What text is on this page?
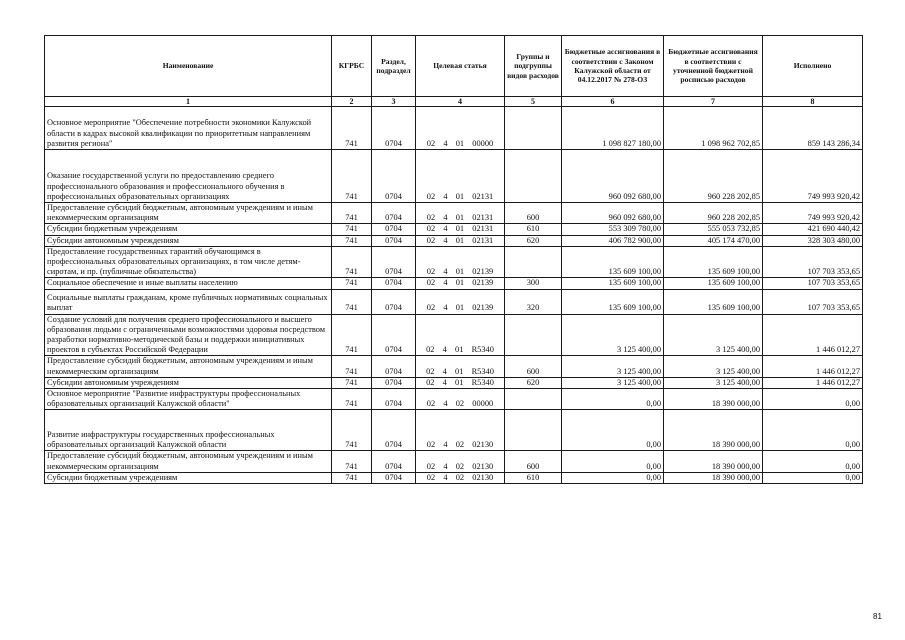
Наименование	КГРБС	Раздел, подраздел	Целевая статья	Группы и подгруппы видов расходов	Бюджетные ассигнования в соответствии с Законом Калужской области от 04.12.2017 № 278-ОЗ	Бюджетные ассигнования в соответствии с уточненной бюджетной росписью расходов	Исполнено
1	2	3	4	5	6	7	8
Основное мероприятие "Обеспечение потребности экономики Калужской области в кадрах высокой квалификации по приоритетным направлениям развития региона"	741	0704	02  4  01  00000		1 098 827 180,00	1 098 962 702,85	859 143 286,34
Оказание государственной услуги по предоставлению среднего профессионального образования и профессионального обучения в профессиональных образовательных организациях	741	0704	02  4  01  02131		960 092 680,00	960 228 202,85	749 993 920,42
Предоставление субсидий бюджетным, автономным учреждениям и иным некоммерческим организациям	741	0704	02  4  01  02131	600	960 092 680,00	960 228 202,85	749 993 920,42
Субсидии бюджетным учреждениям	741	0704	02  4  01  02131	610	553 309 780,00	555 053 732,85	421 690 440,42
Субсидии автономным учреждениям	741	0704	02  4  01  02131	620	406 782 900,00	405 174 470,00	328 303 480,00
Предоставление государственных гарантий обучающимся в профессиональных образовательных организациях, в том числе детям-сиротам, и пр. (публичные обязательства)	741	0704	02  4  01  02139		135 609 100,00	135 609 100,00	107 703 353,65
Социальное обеспечение и иные выплаты населению	741	0704	02  4  01  02139	300	135 609 100,00	135 609 100,00	107 703 353,65
Социальные выплаты гражданам, кроме публичных нормативных социальных выплат	741	0704	02  4  01  02139	320	135 609 100,00	135 609 100,00	107 703 353,65
Создание условий для получения среднего профессионального и высшего образования людьми с ограниченными возможностями здоровья посредством разработки нормативно-методической базы и поддержки инициативных проектов в субъектах Российской Федерации	741	0704	02  4  01  R5340		3 125 400,00	3 125 400,00	1 446 012,27
Предоставление субсидий бюджетным, автономным учреждениям и иным некоммерческим организациям	741	0704	02  4  01  R5340	600	3 125 400,00	3 125 400,00	1 446 012,27
Субсидии автономным учреждениям	741	0704	02  4  01  R5340	620	3 125 400,00	3 125 400,00	1 446 012,27
Основное мероприятие "Развитие инфраструктуры профессиональных образовательных организаций Калужской области"	741	0704	02  4  02  00000		0,00	18 390 000,00	0,00
Развитие инфраструктуры государственных профессиональных образовательных организаций Калужской области	741	0704	02  4  02  02130		0,00	18 390 000,00	0,00
Предоставление субсидий бюджетным, автономным учреждениям и иным некоммерческим организациям	741	0704	02  4  02  02130	600	0,00	18 390 000,00	0,00
Субсидии бюджетным учреждениям	741	0704	02  4  02  02130	610	0,00	18 390 000,00	0,00
81
